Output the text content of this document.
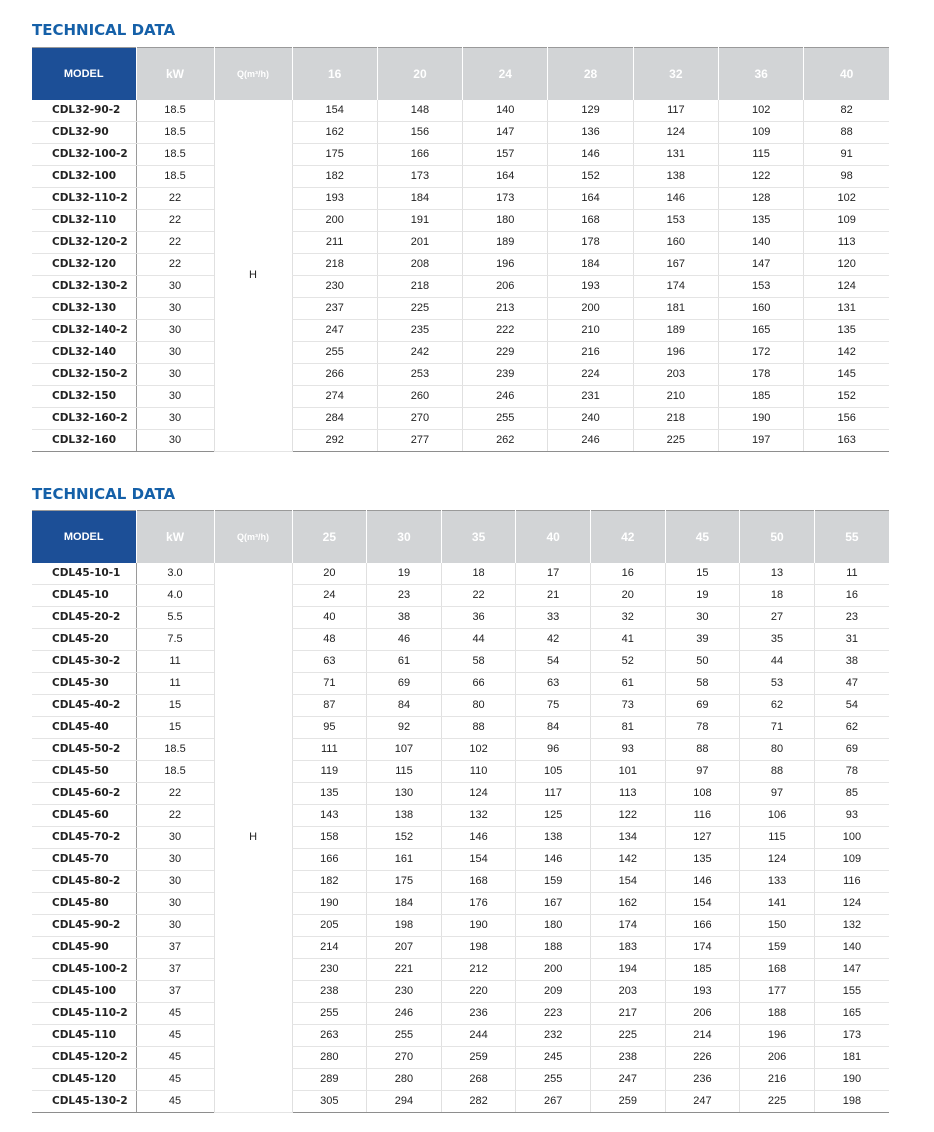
TECHNICAL DATA
MODEL	kW	Q(m³/h)	16	20	24	28	32	36	40
CDL32-90-2	18.5	H	154	148	140	129	117	102	82
CDL32-90	18.5		162	156	147	136	124	109	88
CDL32-100-2	18.5		175	166	157	146	131	115	91
CDL32-100	18.5		182	173	164	152	138	122	98
CDL32-110-2	22		193	184	173	164	146	128	102
CDL32-110	22		200	191	180	168	153	135	109
CDL32-120-2	22		211	201	189	178	160	140	113
CDL32-120	22		218	208	196	184	167	147	120
CDL32-130-2	30		230	218	206	193	174	153	124
CDL32-130	30		237	225	213	200	181	160	131
CDL32-140-2	30		247	235	222	210	189	165	135
CDL32-140	30		255	242	229	216	196	172	142
CDL32-150-2	30		266	253	239	224	203	178	145
CDL32-150	30		274	260	246	231	210	185	152
CDL32-160-2	30		284	270	255	240	218	190	156
CDL32-160	30		292	277	262	246	225	197	163
TECHNICAL DATA
MODEL	kW	Q(m³/h)	25	30	35	40	42	45	50	55
CDL45-10-1	3.0	H	20	19	18	17	16	15	13	11
CDL45-10	4.0		24	23	22	21	20	19	18	16
CDL45-20-2	5.5		40	38	36	33	32	30	27	23
CDL45-20	7.5		48	46	44	42	41	39	35	31
CDL45-30-2	11		63	61	58	54	52	50	44	38
CDL45-30	11		71	69	66	63	61	58	53	47
CDL45-40-2	15		87	84	80	75	73	69	62	54
CDL45-40	15		95	92	88	84	81	78	71	62
CDL45-50-2	18.5		111	107	102	96	93	88	80	69
CDL45-50	18.5		119	115	110	105	101	97	88	78
CDL45-60-2	22		135	130	124	117	113	108	97	85
CDL45-60	22		143	138	132	125	122	116	106	93
CDL45-70-2	30		158	152	146	138	134	127	115	100
CDL45-70	30		166	161	154	146	142	135	124	109
CDL45-80-2	30		182	175	168	159	154	146	133	116
CDL45-80	30		190	184	176	167	162	154	141	124
CDL45-90-2	30		205	198	190	180	174	166	150	132
CDL45-90	37		214	207	198	188	183	174	159	140
CDL45-100-2	37		230	221	212	200	194	185	168	147
CDL45-100	37		238	230	220	209	203	193	177	155
CDL45-110-2	45		255	246	236	223	217	206	188	165
CDL45-110	45		263	255	244	232	225	214	196	173
CDL45-120-2	45		280	270	259	245	238	226	206	181
CDL45-120	45		289	280	268	255	247	236	216	190
CDL45-130-2	45		305	294	282	267	259	247	225	198
